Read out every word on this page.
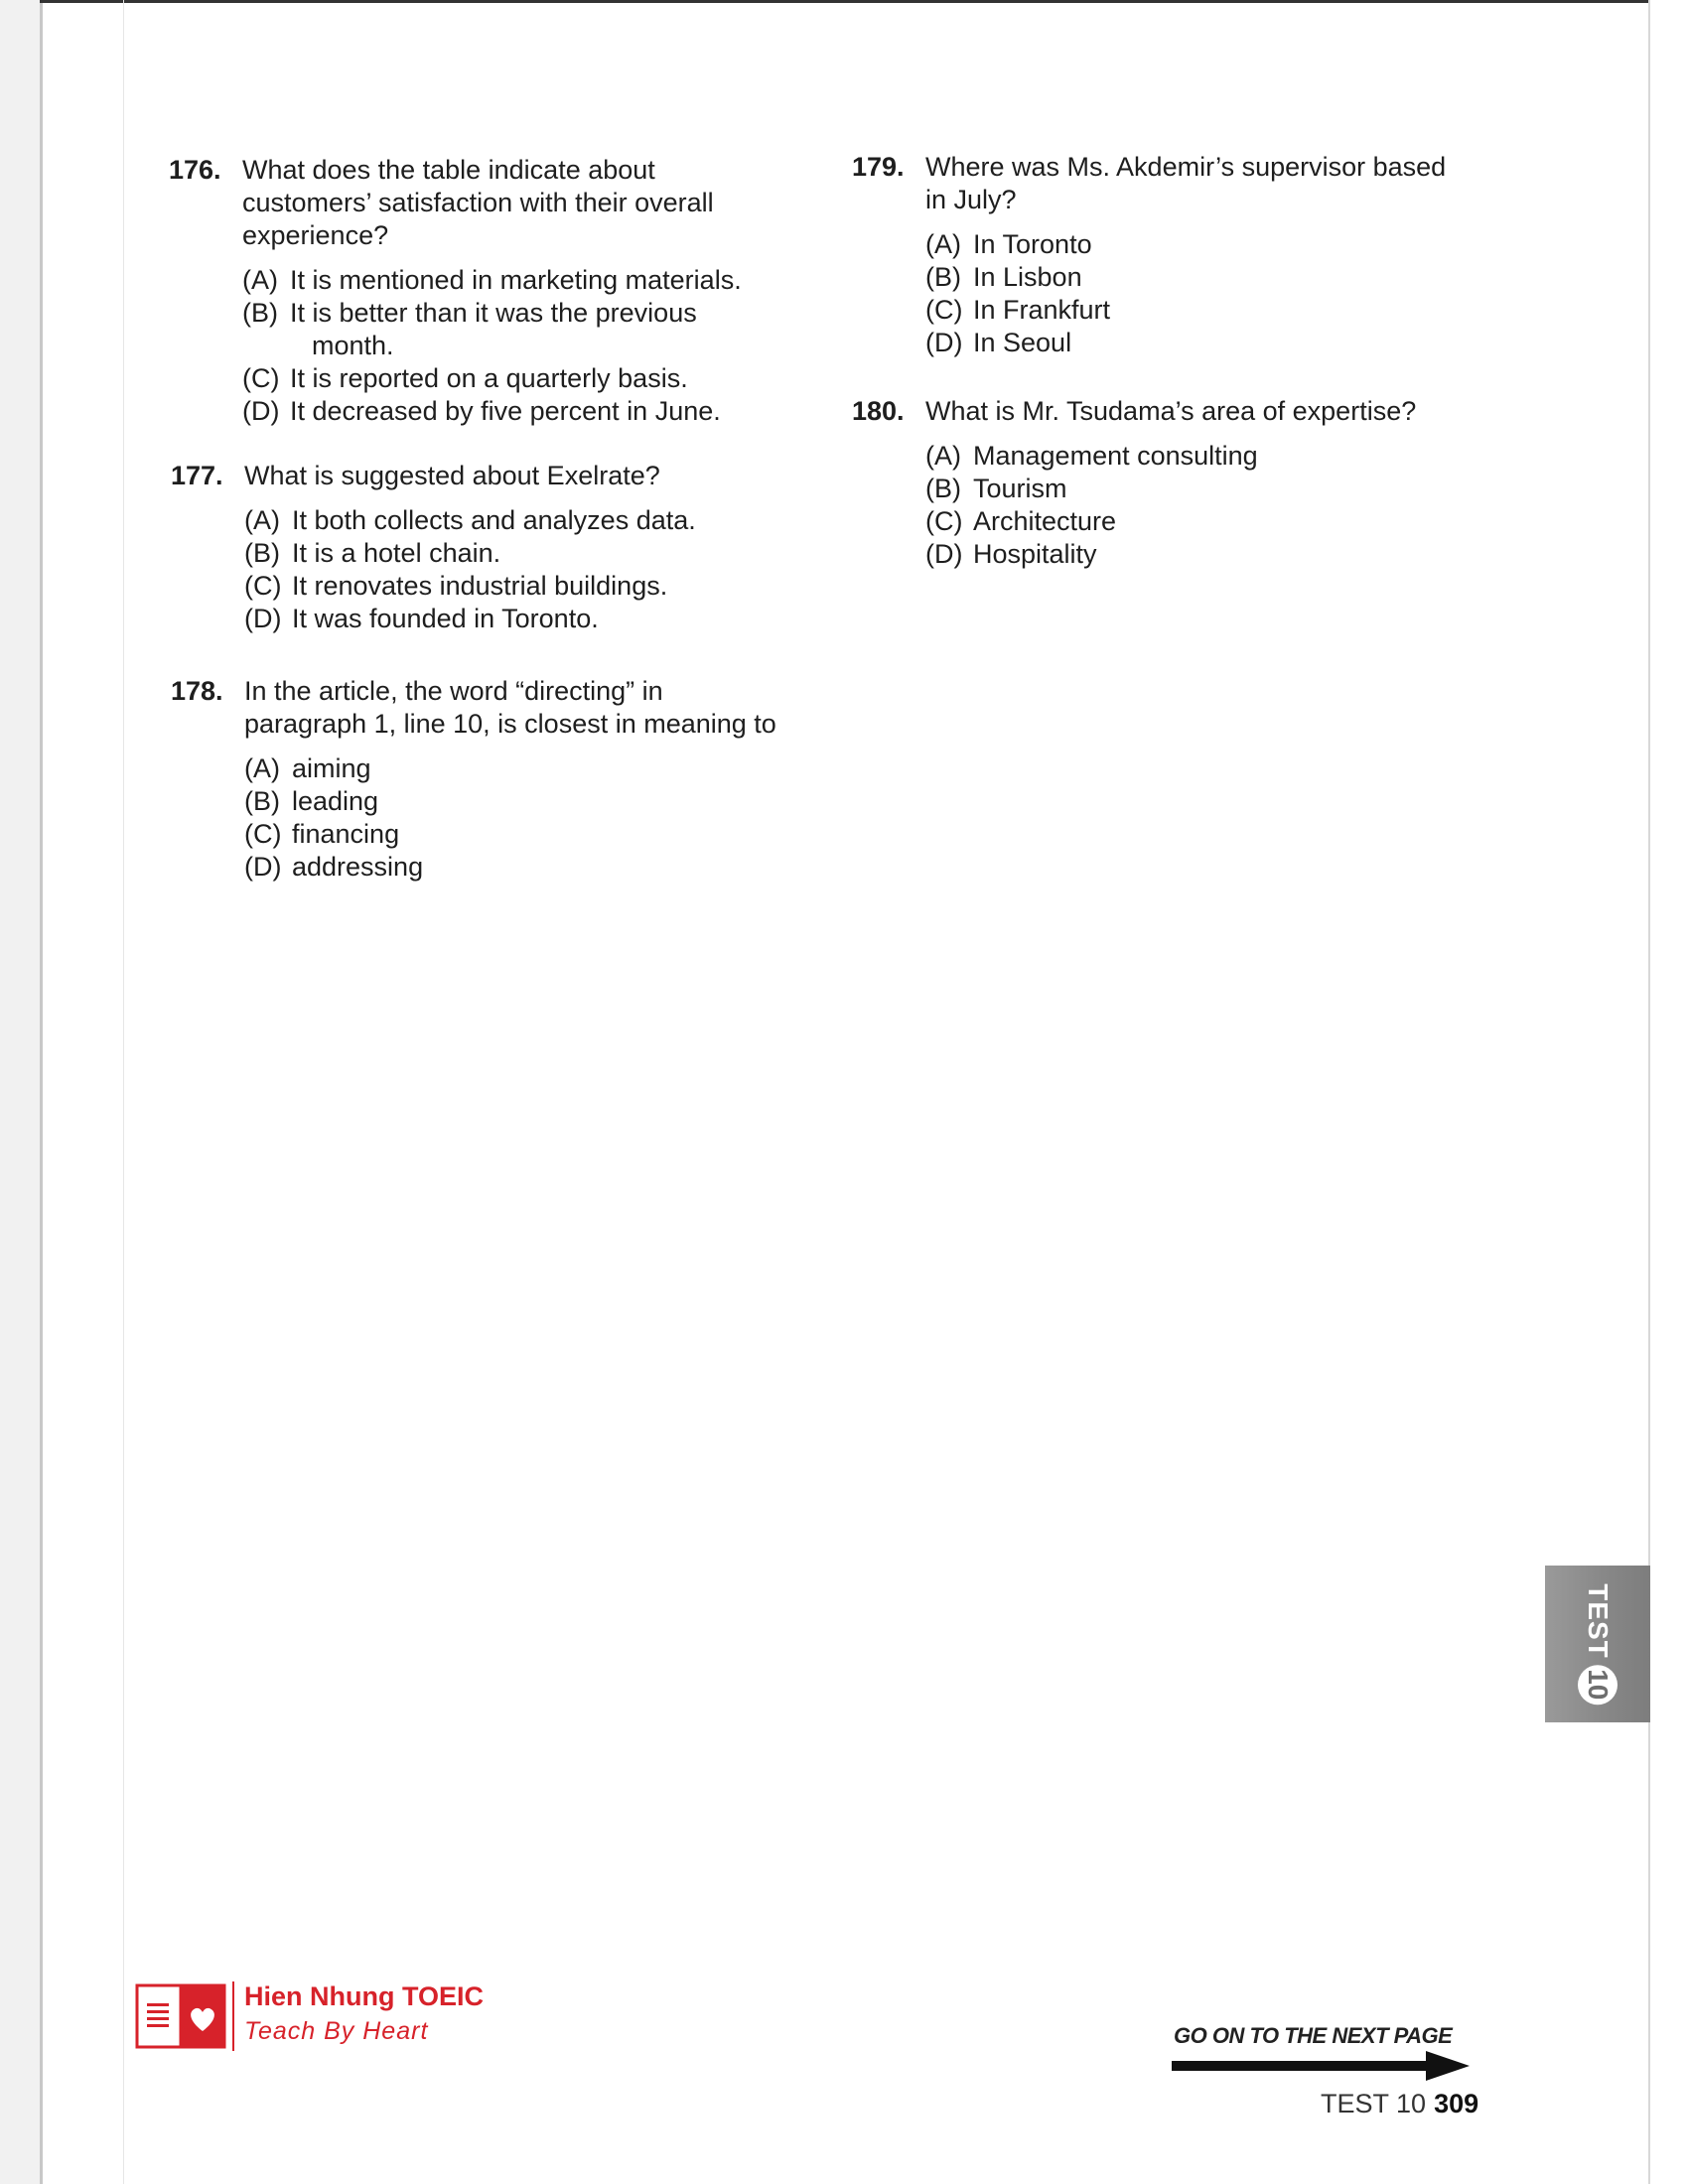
176. What does the table indicate about
customers’ satisfaction with their overall
experience?
(A) It is mentioned in marketing materials.
(B) It is better than it was the previous
month.
(C) It is reported on a quarterly basis.
(D) It decreased by five percent in June.
177. What is suggested about Exelrate?
(A) It both collects and analyzes data.
(B) It is a hotel chain.
(C) It renovates industrial buildings.
(D) It was founded in Toronto.
178. In the article, the word “directing” in
paragraph 1, line 10, is closest in meaning to
(A) aiming
(B) leading
(C) financing
(D) addressing
179. Where was Ms. Akdemir’s supervisor based
in July?
(A) In Toronto
(B) In Lisbon
(C) In Frankfurt
(D) In Seoul
180. What is Mr. Tsudama’s area of expertise?
(A) Management consulting
(B) Tourism
(C) Architecture
(D) Hospitality
TEST
10
Hien Nhung TOEIC
Teach By Heart	GO ON TO THE NEXT PAGE
TEST 10 309
